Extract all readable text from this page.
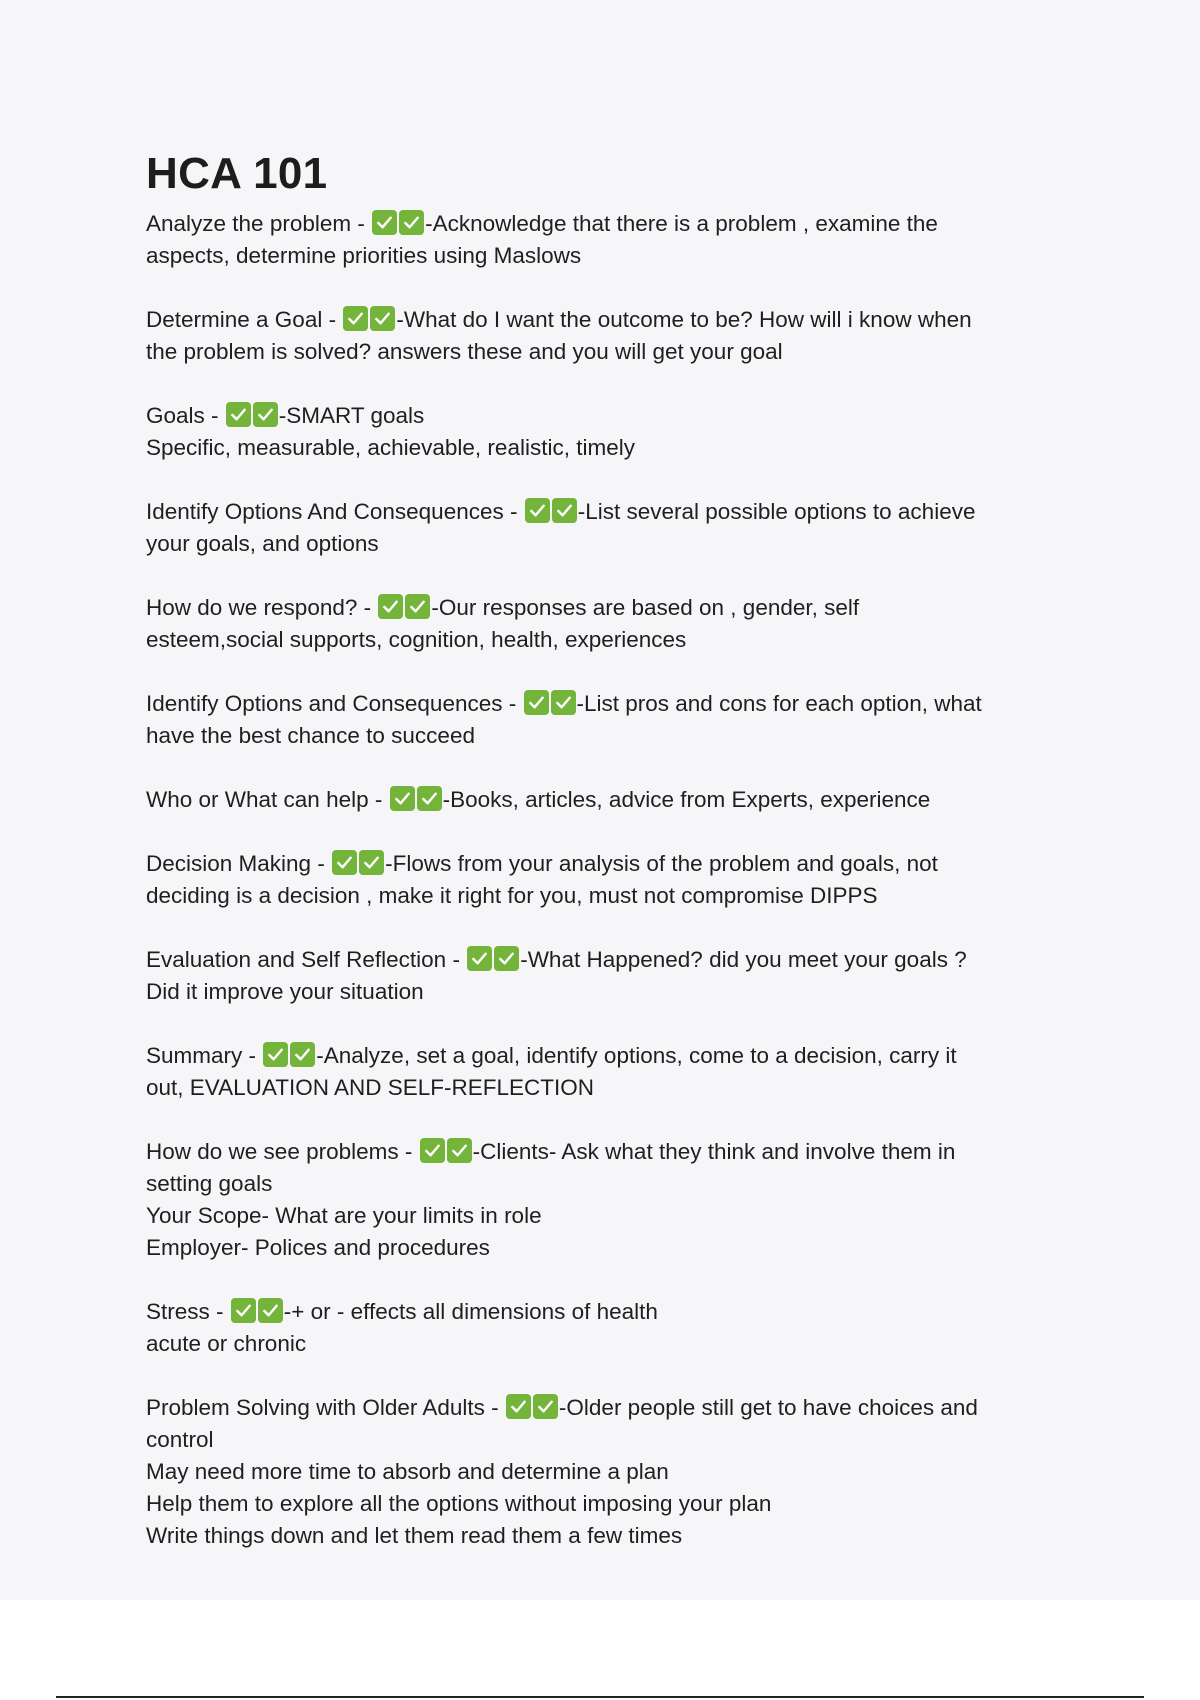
HCA 101
Analyze the problem -	-Acknowledge that there is a problem , examine the
aspects, determine priorities using Maslows
Determine a Goal -	-What do I want the outcome to be? How will i know when
the problem is solved? answers these and you will get your goal
Goals -	-SMART goals
Specific, measurable, achievable, realistic, timely
Identify Options And Consequences -	-List several possible options to achieve
your goals, and options
How do we respond? -	-Our responses are based on , gender, self
esteem,social supports, cognition, health, experiences
Identify Options and Consequences -	-List pros and cons for each option, what
have the best chance to succeed
Who or What can help -	-Books, articles, advice from Experts, experience
Decision Making -	-Flows from your analysis of the problem and goals, not
deciding is a decision , make it right for you, must not compromise DIPPS
Evaluation and Self Reflection -	-What Happened? did you meet your goals ?
Did it improve your situation
Summary -	-Analyze, set a goal, identify options, come to a decision, carry it
out, EVALUATION AND SELF-REFLECTION
How do we see problems -	-Clients- Ask what they think and involve them in
setting goals
Your Scope- What are your limits in role
Employer- Polices and procedures
Stress -	-+ or - effects all dimensions of health
acute or chronic
Problem Solving with Older Adults -	-Older people still get to have choices and
control
May need more time to absorb and determine a plan
Help them to explore all the options without imposing your plan
Write things down and let them read them a few times
